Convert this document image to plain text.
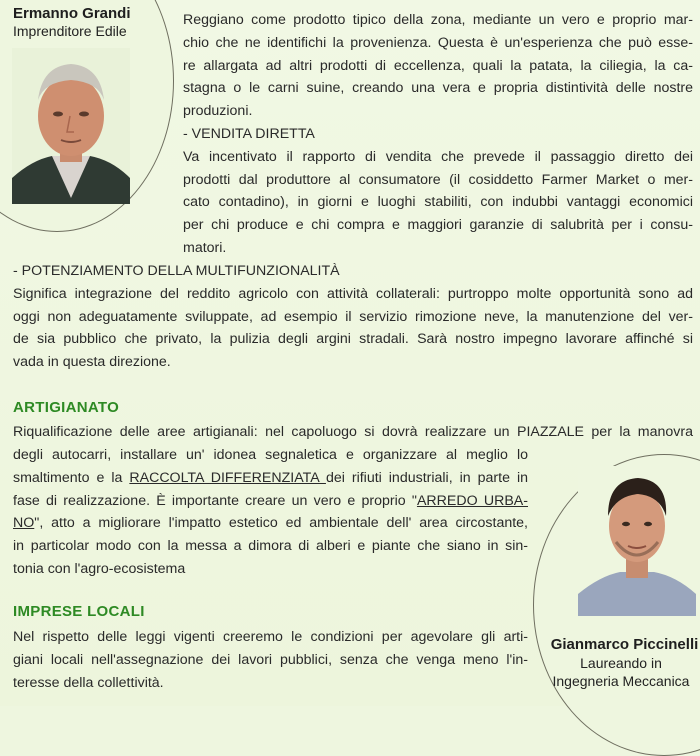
Ermanno Grandi
Imprenditore Edile
Reggiano come prodotto tipico della zona, mediante un vero e proprio mar-
chio che ne identifichi la provenienza. Questa è un'esperienza che può esse-
re allargata ad altri prodotti di eccellenza, quali la patata, la ciliegia, la ca-
stagna o le carni suine, creando una vera e propria distintività delle nostre
produzioni.
- VENDITA DIRETTA
Va incentivato il rapporto di vendita che prevede il passaggio diretto dei
prodotti dal produttore al consumatore (il cosiddetto Farmer Market o mer-
cato contadino), in giorni e luoghi stabiliti, con indubbi vantaggi economici
per chi produce e chi compra e maggiori garanzie di salubrità per i consu-
matori.
- POTENZIAMENTO DELLA MULTIFUNZIONALITÀ
Significa integrazione del reddito agricolo con attività collaterali: purtroppo molte opportunità sono ad
oggi non adeguatamente sviluppate, ad esempio il servizio rimozione neve, la manutenzione del ver-
de sia pubblico che privato, la pulizia degli argini stradali. Sarà nostro impegno lavorare affinché si
vada in questa direzione.
ARTIGIANATO
Riqualificazione delle aree artigianali: nel capoluogo si dovrà realizzare un PIAZZALE per la manovra
degli autocarri, installare un' idonea segnaletica e organizzare al meglio lo
smaltimento e la RACCOLTA DIFFERENZIATA dei rifiuti industriali, in parte in
fase di realizzazione. È importante creare un vero e proprio "ARREDO URBA-
NO", atto a migliorare l'impatto estetico ed ambientale dell' area circostante,
in particolar modo con la messa a dimora di alberi e piante che siano in sin-
tonia con l'agro-ecosistema
IMPRESE LOCALI
Nel rispetto delle leggi vigenti creeremo le condizioni per agevolare gli arti-
giani locali nell'assegnazione dei lavori pubblici, senza che venga meno l'in-
teresse della collettività.
Gianmarco Piccinelli
Laureando in
Ingegneria Meccanica
